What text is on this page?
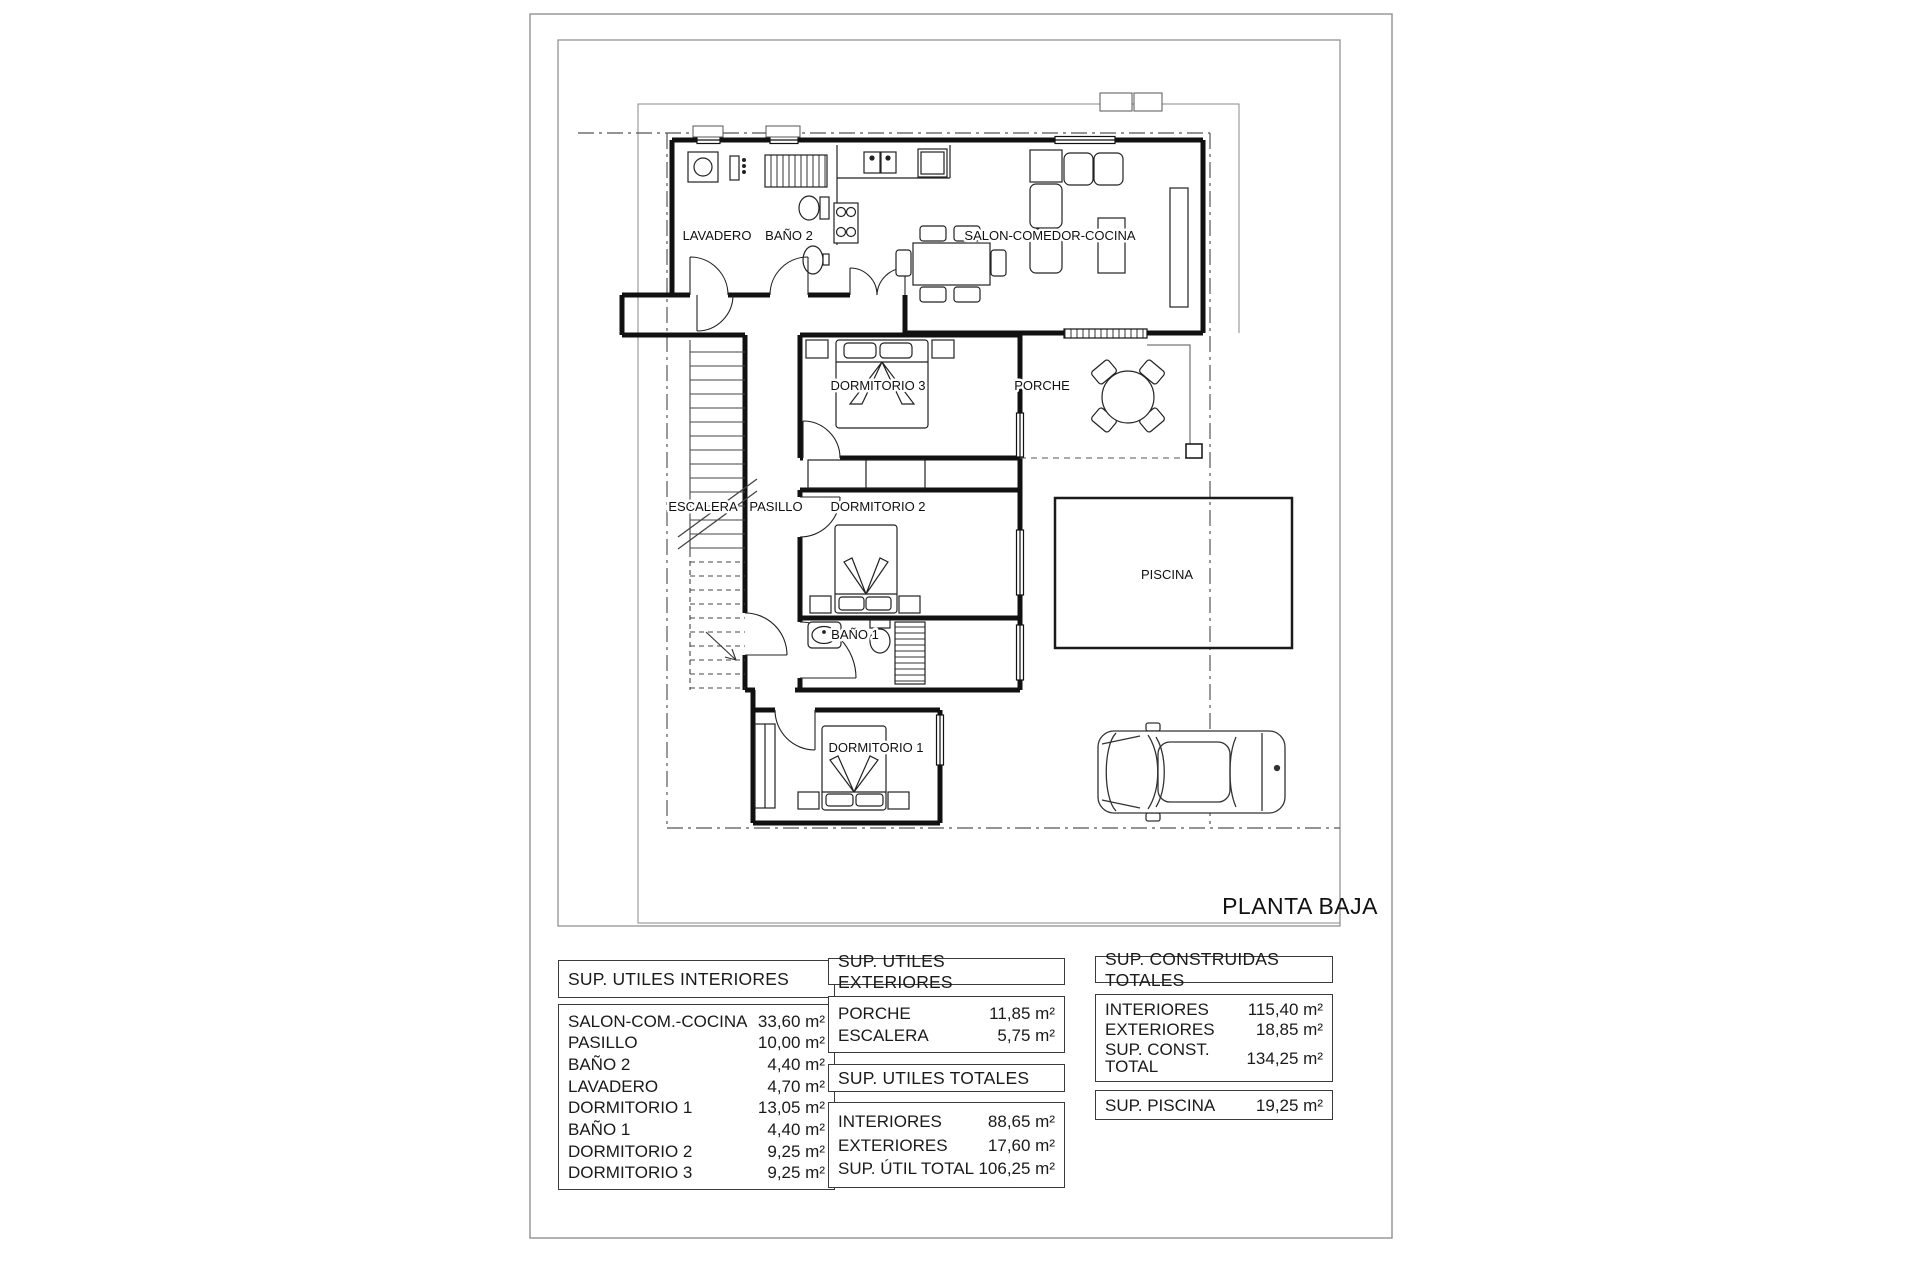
LAVADERO BAÑO 2	SALON-COMEDOR-COCINA
DORMITORIO 3	PORCHE
ESCALERA PASILLO DORMITORIO 2
BAÑO 1
DORMITORIO 1
PISCINA
PLANTA BAJA
SUP. UTILES INTERIORES
SALON-COM.-COCINA 33,60 m²
PASILLO	10,00 m²
BAÑO 2	4,40 m²
LAVADERO	4,70 m²
DORMITORIO 1	13,05 m²
BAÑO 1	4,40 m²
DORMITORIO 2	9,25 m²
DORMITORIO 3	9,25 m²
SUP. UTILES EXTERIORES
PORCHE	11,85 m²
ESCALERA	5,75 m²
SUP. UTILES TOTALES
INTERIORES	88,65 m²
EXTERIORES 17,60 m²
SUP. ÚTIL TOTAL 106,25 m²
SUP. CONSTRUIDAS TOTALES
INTERIORES 115,40 m²
EXTERIORES 18,85 m²
SUP. CONST. TOTAL	134,25 m²
SUP. PISCINA 19,25 m²
